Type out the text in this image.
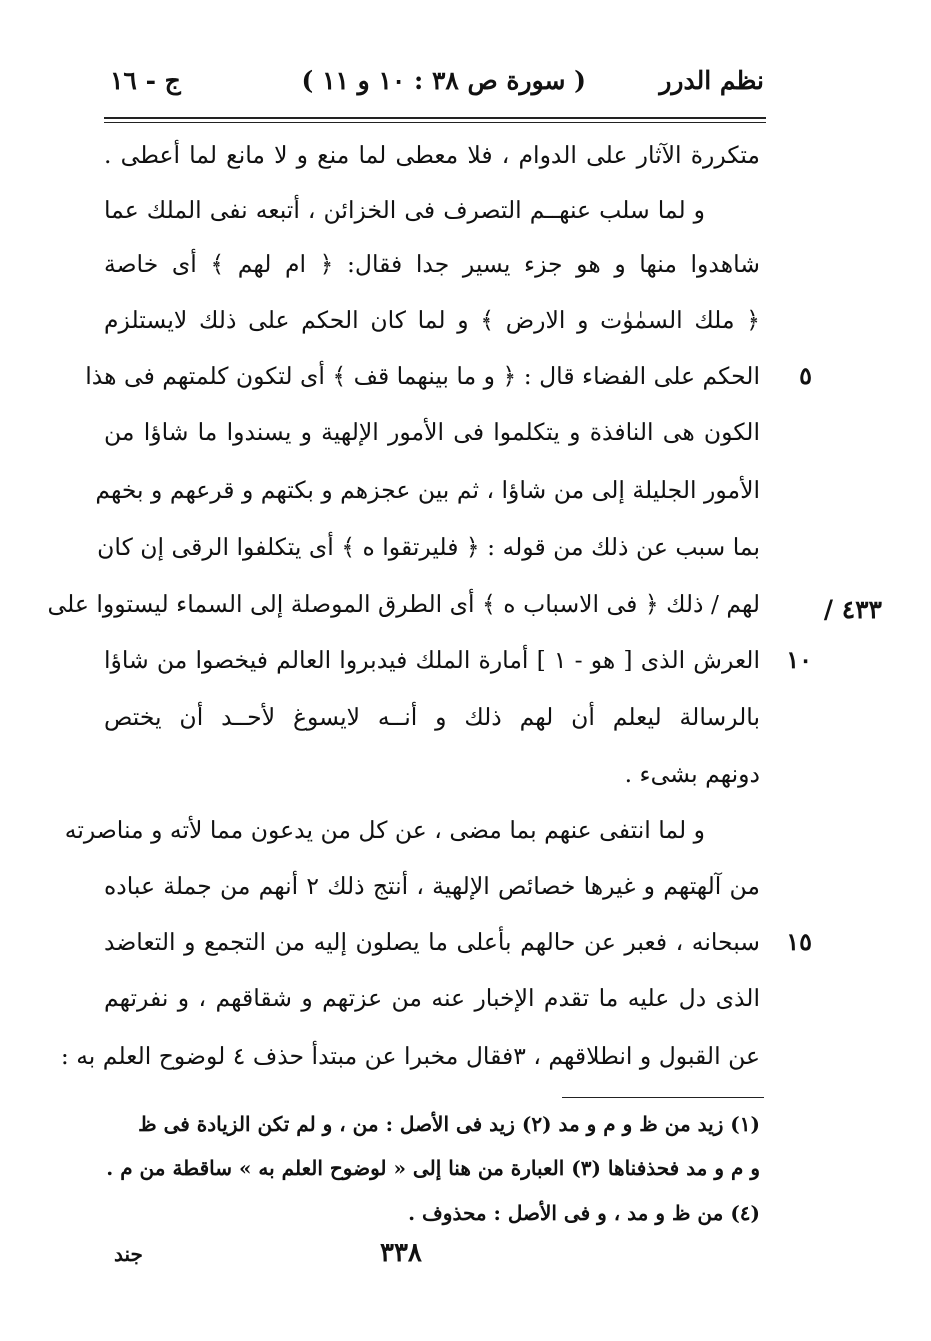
نظم الدرر
( سورة ص ٣٨ : ١٠ و ١١ )
ج - ١٦
متكررة الآثار على الدوام ، فلا معطى لما منع و لا مانع لما أعطى .
و لما سلب عنهــم التصرف فى الخزائن ، أتبعه نفى الملك عما
شاهدوا منها و هو جزء يسير جدا فقال: ﴿ ام لهم ﴾ أى خاصة
﴿ ملك السمٰوٰت و الارض ﴾ و لما كان الحكم على ذلك لايستلزم
الحكم على الفضاء قال : ﴿ و ما بينهما قف ﴾ أى لتكون كلمتهم فى هذا
الكون هى النافذة و يتكلموا فى الأمور الإلهية و يسندوا ما شاؤا من
الأمور الجليلة إلى من شاؤا ، ثم بين عجزهم و بكتهم و قرعهم و بخهم
بما سبب عن ذلك من قوله : ﴿ فليرتقوا ه ﴾ أى يتكلفوا الرقى إن كان
لهم / ذلك ﴿ فى الاسباب ه ﴾ أى الطرق الموصلة إلى السماء ليستووا على
العرش الذى [ هو - ١ ] أمارة الملك فيدبروا العالم فيخصوا من شاؤا
بالرسالة ليعلم أن لهم ذلك و أنــه لايسوغ لأحــد أن يختص
دونهم بشىء .
و لما انتفى عنهم بما مضى ، عن كل من يدعون مما لأته و مناصرته
من آلهتهم و غيرها خصائص الإلهية ، أنتج ذلك ٢ أنهم من جملة عباده
سبحانه ، فعبر عن حالهم بأعلى ما يصلون إليه من التجمع و التعاضد
الذى دل عليه ما تقدم الإخبار عنه من عزتهم و شقاقهم ، و نفرتهم
عن القبول و انطلاقهم ، ٣فقال مخبرا عن مبتدأ حذف ٤ لوضوح العلم به :
٥
١٠
١٥
٤٣٣ /
(١) زيد من ظ و م و مد (٢) زيد فى الأصل : من ، و لم تكن الزيادة فى ظ
و م و مد فحذفناها (٣) العبارة من هنا إلى « لوضوح العلم به » ساقطة من م .
(٤) من ظ و مد ، و فى الأصل : محذوف .
جند	٣٣٨
